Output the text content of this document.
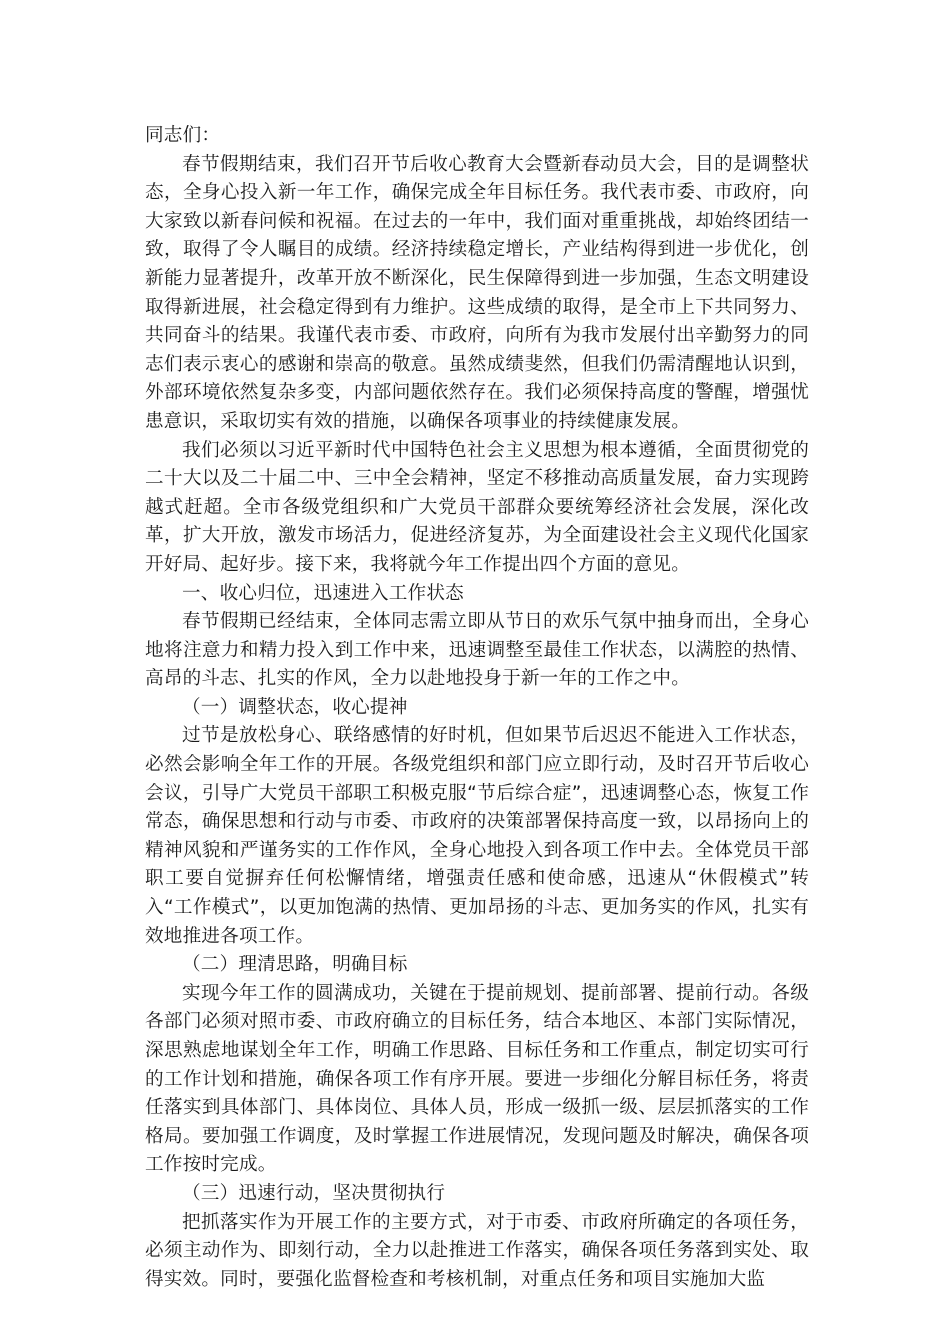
同志们：

春节假期结束，我们召开节后收心教育大会暨新春动员大会，目的是调整状态，全身心投入新一年工作，确保完成全年目标任务。我代表市委、市政府，向大家致以新春问候和祝福。在过去的一年中，我们面对重重挑战，却始终团结一致，取得了令人瞩目的成绩。经济持续稳定增长，产业结构得到进一步优化，创新能力显著提升，改革开放不断深化，民生保障得到进一步加强，生态文明建设取得新进展，社会稳定得到有力维护。这些成绩的取得，是全市上下共同努力、共同奋斗的结果。我谨代表市委、市政府，向所有为我市发展付出辛勤努力的同志们表示衷心的感谢和崇高的敬意。虽然成绩斐然，但我们仍需清醒地认识到，外部环境依然复杂多变，内部问题依然存在。我们必须保持高度的警醒，增强忧患意识，采取切实有效的措施，以确保各项事业的持续健康发展。

我们必须以习近平新时代中国特色社会主义思想为根本遵循，全面贯彻党的二十大以及二十届二中、三中全会精神，坚定不移推动高质量发展，奋力实现跨越式赶超。全市各级党组织和广大党员干部群众要统筹经济社会发展，深化改革，扩大开放，激发市场活力，促进经济复苏，为全面建设社会主义现代化国家开好局、起好步。接下来，我将就今年工作提出四个方面的意见。

一、收心归位，迅速进入工作状态

春节假期已经结束，全体同志需立即从节日的欢乐气氛中抽身而出，全身心地将注意力和精力投入到工作中来，迅速调整至最佳工作状态，以满腔的热情、高昂的斗志、扎实的作风，全力以赴地投身于新一年的工作之中。

（一）调整状态，收心提神

过节是放松身心、联络感情的好时机，但如果节后迟迟不能进入工作状态，必然会影响全年工作的开展。各级党组织和部门应立即行动，及时召开节后收心会议，引导广大党员干部职工积极克服“节后综合症”，迅速调整心态，恢复工作常态，确保思想和行动与市委、市政府的决策部署保持高度一致，以昂扬向上的精神风貌和严谨务实的工作作风，全身心地投入到各项工作中去。全体党员干部职工要自觉摒弃任何松懈情绪，增强责任感和使命感，迅速从“休假模式”转入“工作模式”，以更加饱满的热情、更加昂扬的斗志、更加务实的作风，扎实有效地推进各项工作。

（二）理清思路，明确目标

实现今年工作的圆满成功，关键在于提前规划、提前部署、提前行动。各级各部门必须对照市委、市政府确立的目标任务，结合本地区、本部门实际情况，深思熟虑地谋划全年工作，明确工作思路、目标任务和工作重点，制定切实可行的工作计划和措施，确保各项工作有序开展。要进一步细化分解目标任务，将责任落实到具体部门、具体岗位、具体人员，形成一级抓一级、层层抓落实的工作格局。要加强工作调度，及时掌握工作进展情况，发现问题及时解决，确保各项工作按时完成。

（三）迅速行动，坚决贯彻执行

把抓落实作为开展工作的主要方式，对于市委、市政府所确定的各项任务，必须主动作为、即刻行动，全力以赴推进工作落实，确保各项任务落到实处、取得实效。同时，要强化监督检查和考核机制，对重点任务和项目实施加大监
